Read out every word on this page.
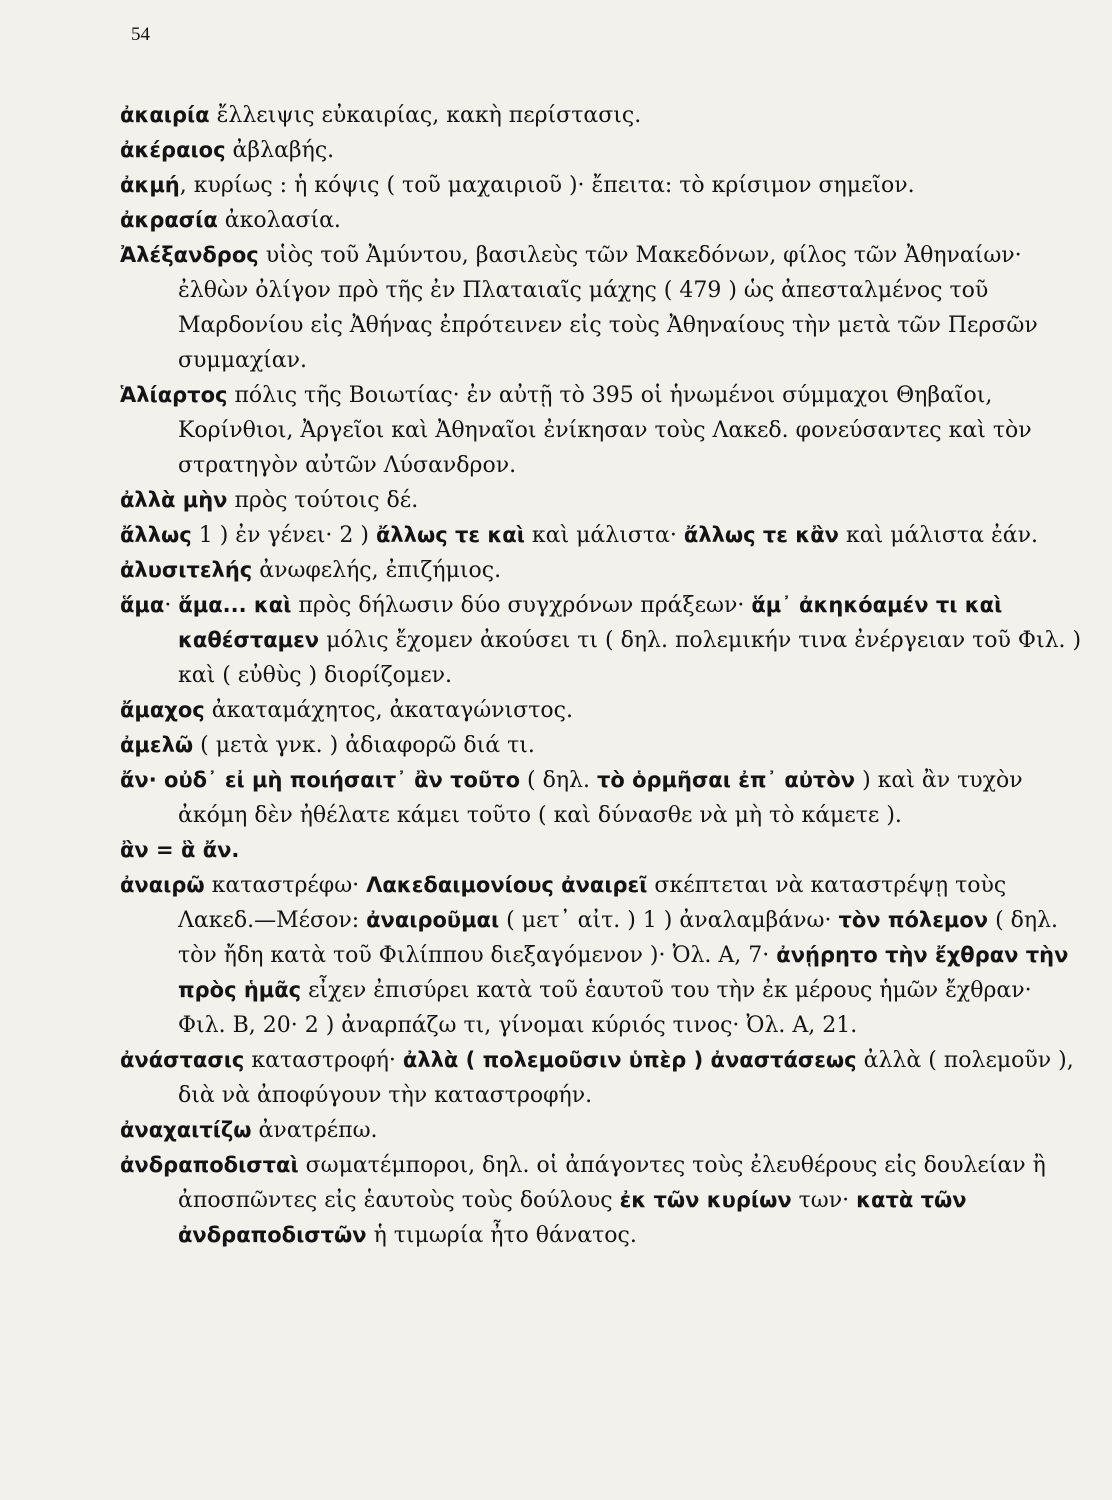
54

ἀκαιρία ἔλλειψις εὐκαιρίας, κακὴ περίστασις.

ἀκέραιος ἀβλαβής.

ἀκμή, κυρίως : ἡ κόψις ( τοῦ μαχαιριοῦ )· ἔπειτα: τὸ κρίσιμον σημεῖον.

ἀκρασία ἀκολασία.

Ἀλέξανδρος υἱὸς τοῦ Ἀμύντου, βασιλεὺς τῶν Μακεδόνων, φίλος τῶν Ἀθηναίων· ἐλθὼν ὀλίγον πρὸ τῆς ἐν Πλαταιαῖς μάχης ( 479 ) ὡς ἀπεσταλμένος τοῦ Μαρδονίου εἰς Ἀθήνας ἐπρότεινεν εἰς τοὺς Ἀθηναίους τὴν μετὰ τῶν Περσῶν συμμαχίαν.

Ἁλίαρτος πόλις τῆς Βοιωτίας· ἐν αὐτῇ τὸ 395 οἱ ἡνωμένοι σύμμαχοι Θηβαῖοι, Κορίνθιοι, Ἀργεῖοι καὶ Ἀθηναῖοι ἐνίκησαν τοὺς Λακεδ. φονεύσαντες καὶ τὸν στρατηγὸν αὐτῶν Λύσανδρον.

ἀλλὰ μὴν πρὸς τούτοις δέ.

ἄλλως 1 ) ἐν γένει· 2 ) ἄλλως τε καὶ καὶ μάλιστα· ἄλλως τε κἂν καὶ μάλιστα ἐάν.

ἀλυσιτελής ἀνωφελής, ἐπιζήμιος.

ἅμα· ἅμα... καὶ πρὸς δήλωσιν δύο συγχρόνων πράξεων· ἅμ᾽ ἀκηκόαμέν τι καὶ καθέσταμεν μόλις ἔχομεν ἀκούσει τι ( δηλ. πολεμικήν τινα ἐνέργειαν τοῦ Φιλ. ) καὶ ( εὐθὺς ) διορίζομεν.

ἄμαχος ἀκαταμάχητος, ἀκαταγώνιστος.

ἀμελῶ ( μετὰ γνκ. ) ἀδιαφορῶ διά τι.

ἄν· οὐδ᾽ εἰ μὴ ποιήσαιτ᾽ ἂν τοῦτο ( δηλ. τὸ ὁρμῆσαι ἐπ᾽ αὐτὸν ) καὶ ἂν τυχὸν ἀκόμη δὲν ἠθέλατε κάμει τοῦτο ( καὶ δύνασθε νὰ μὴ τὸ κάμετε ).

ἂν = ἃ ἄν.

ἀναιρῶ καταστρέφω· Λακεδαιμονίους ἀναιρεῖ σκέπτεται νὰ καταστρέψῃ τοὺς Λακεδ.—Μέσον: ἀναιροῦμαι ( μετ᾽ αἰτ. ) 1 ) ἀναλαμβάνω· τὸν πόλεμον ( δηλ. τὸν ἤδη κατὰ τοῦ Φιλίππου διεξαγόμενον )· Ὀλ. Α, 7· ἀνῄρητο τὴν ἔχθραν τὴν πρὸς ἡμᾶς εἶχεν ἐπισύρει κατὰ τοῦ ἑαυτοῦ του τὴν ἐκ μέρους ἡμῶν ἔχθραν· Φιλ. Β, 20· 2 ) ἀναρπάζω τι, γίνομαι κύριός τινος· Ὀλ. Α, 21.

ἀνάστασις καταστροφή· ἀλλὰ ( πολεμοῦσιν ὑπὲρ ) ἀναστάσεως ἀλλὰ ( πολεμοῦν ), διὰ νὰ ἀποφύγουν τὴν καταστροφήν.

ἀναχαιτίζω ἀνατρέπω.

ἀνδραποδισταὶ σωματέμποροι, δηλ. οἱ ἀπάγοντες τοὺς ἐλευθέρους εἰς δουλείαν ἢ ἀποσπῶντες εἰς ἑαυτοὺς τοὺς δούλους ἐκ τῶν κυρίων των· κατὰ τῶν ἀνδραποδιστῶν ἡ τιμωρία ἦτο θάνατος.
